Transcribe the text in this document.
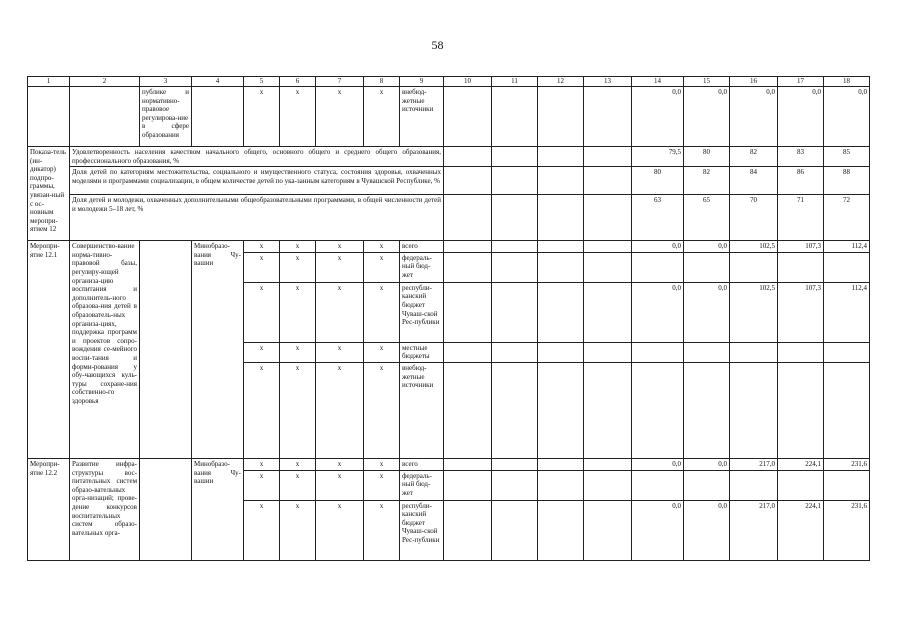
58
1	2	3	4	5	6	7	8	9	10	11	12	13	14	15	16	17	18
		публике и нормативно-правовое регулирова-ние в сфере образования		x	x	x	x	внебюд-жетные источники					0,0	0,0	0,0	0,0	0,0
Показа-тель (ин-дикатор) подпро-граммы, увязан-ный с ос-новным меропри-ятием 12	Удовлетворенность населения качеством начального общего, основного общего и среднего общего образования, профессионального образования, %												79,5	80	82	83	85
	Доля детей по категориям местожительства, социального и имущественного статуса, состояния здоровья, охваченных моделями и программами социализации, в общем количестве детей по ука-занным категориям в Чувашской Республике, %												80	82	84	86	88
	Доля детей и молодежи, охваченных дополнительными общеобразовательными программами, в общей численности детей и молодежи 5–18 лет, %												63	65	70	71	72
Меропри-ятие 12.1	Совершенство-вание норма-тивно-правовой базы, регулиру-ющей организа-цию воспитания и дополнитель-ного образова-ния детей в образователь-ных организа-циях, поддержка программ и проектов сопро-вождения се-мейного воспи-тания и форми-рования у обу-чающихся куль-туры сохране-ния собственно-го здоровья		Минобразо-вания Чу-вашии	x	x	x	x	всего					0,0	0,0	102,5	107,3	112,4
				x	x	x	x	федераль-ный бюд-жет									
				x	x	x	x	республи-канский бюджет Чуваш-ской Рес-публики					0,0	0,0	102,5	107,3	112,4
				x	x	x	x	местные бюджеты									
				x	x	x	x	внебюд-жетные источники									
Меропри-ятие 12.2	Развитие инфра-структуры вос-питательных систем образо-вательных орга-низаций; прове-дение конкурсов воспитательных систем образо-вательных орга-		Минобразо-вания Чу-вашии	x	x	x	x	всего					0,0	0,0	217,0	224,1	231,6
				x	x	x	x	федераль-ный бюд-жет									
				x	x	x	x	республи-канский бюджет Чуваш-ской Рес-публики					0,0	0,0	217,0	224,1	231,6
